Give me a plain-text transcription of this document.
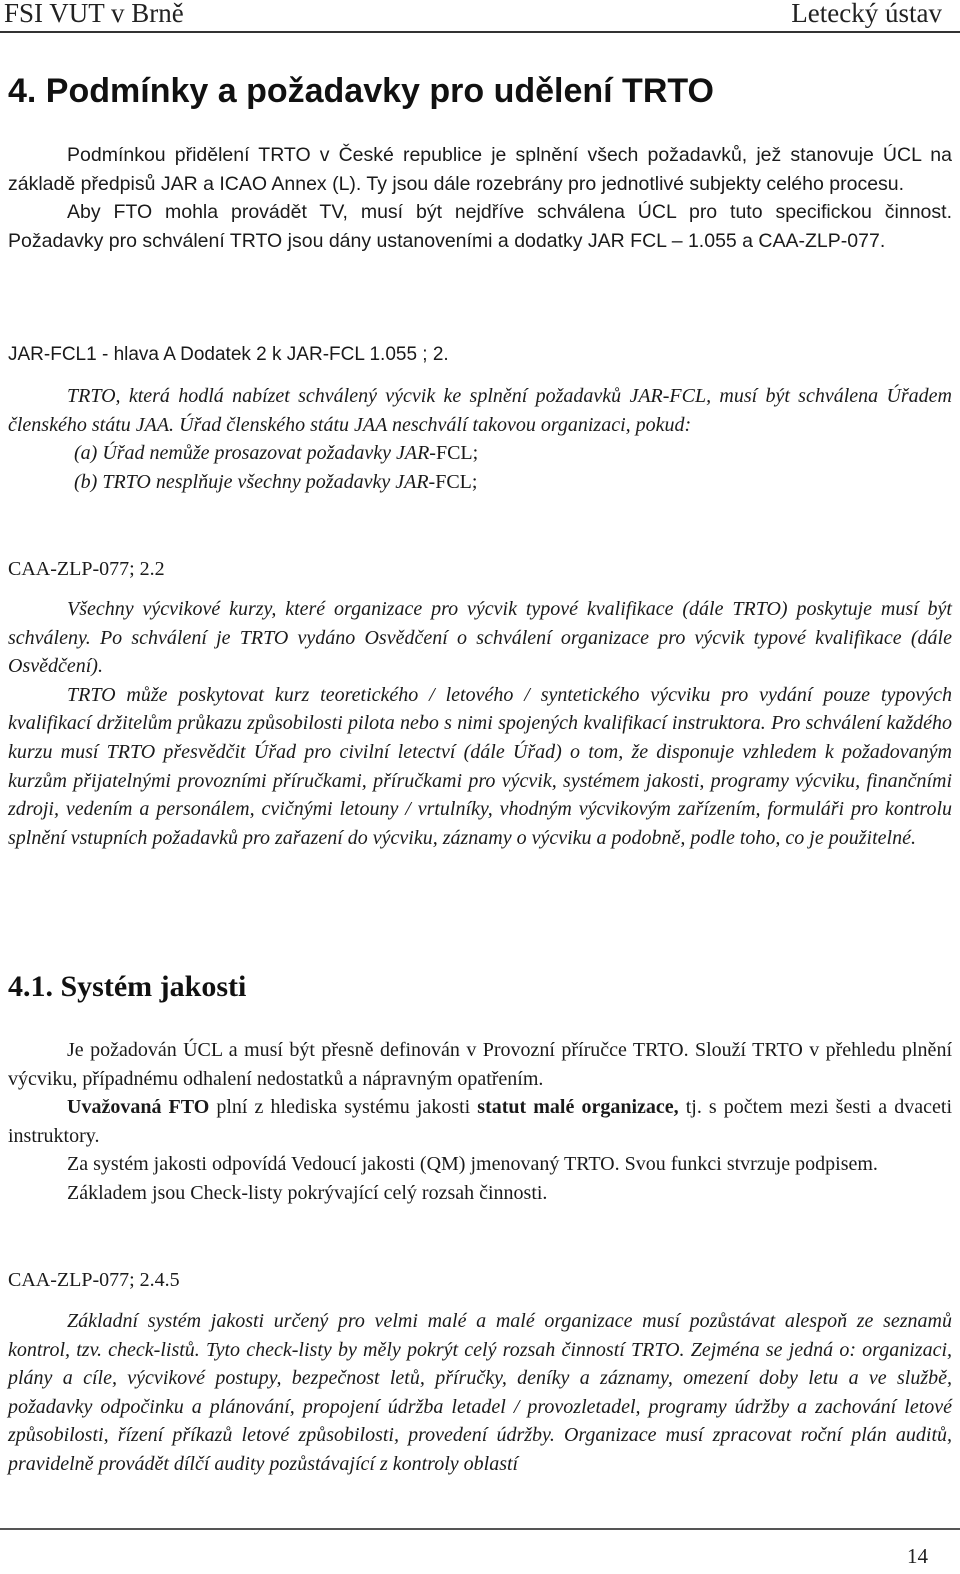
FSI VUT v Brně	Letecký ústav
4. Podmínky a požadavky pro udělení TRTO

Podmínkou přidělení TRTO v České republice je splnění všech požadavků, jež stanovuje ÚCL na základě předpisů JAR a ICAO Annex (L). Ty jsou dále rozebrány pro jednotlivé subjekty celého procesu.

Aby FTO mohla provádět TV, musí být nejdříve schválena ÚCL pro tuto specifickou činnost. Požadavky pro schválení TRTO jsou dány ustanoveními a dodatky JAR FCL – 1.055 a CAA-ZLP-077.

JAR-FCL1 - hlava A Dodatek 2 k JAR-FCL 1.055 ; 2.

TRTO, která hodlá nabízet schválený výcvik ke splnění požadavků JAR-FCL, musí být schválena Úřadem členského státu JAA. Úřad členského státu JAA neschválí takovou organizaci, pokud:

(a) Úřad nemůže prosazovat požadavky JAR-FCL;

(b) TRTO nesplňuje všechny požadavky JAR-FCL;

CAA-ZLP-077; 2.2

Všechny výcvikové kurzy, které organizace pro výcvik typové kvalifikace (dále TRTO) poskytuje musí být schváleny. Po schválení je TRTO vydáno Osvědčení o schválení organizace pro výcvik typové kvalifikace (dále Osvědčení).

TRTO může poskytovat kurz teoretického / letového / syntetického výcviku pro vydání pouze typových kvalifikací držitelům průkazu způsobilosti pilota nebo s nimi spojených kvalifikací instruktora. Pro schválení každého kurzu musí TRTO přesvědčit Úřad pro civilní letectví (dále Úřad) o tom, že disponuje vzhledem k požadovaným kurzům přijatelnými provozními příručkami, příručkami pro výcvik, systémem jakosti, programy výcviku, finančními zdroji, vedením a personálem, cvičnými letouny / vrtulníky, vhodným výcvikovým zařízením, formuláři pro kontrolu splnění vstupních požadavků pro zařazení do výcviku, záznamy o výcviku a podobně, podle toho, co je použitelné.

4.1. Systém jakosti

Je požadován ÚCL a musí být přesně definován v Provozní příručce TRTO. Slouží TRTO v přehledu plnění výcviku, případnému odhalení nedostatků a nápravným opatřením.

Uvažovaná FTO plní z hlediska systému jakosti statut malé organizace, tj. s počtem mezi šesti a dvaceti instruktory.

Za systém jakosti odpovídá Vedoucí jakosti (QM) jmenovaný TRTO. Svou funkci stvrzuje podpisem.

Základem jsou Check-listy pokrývající celý rozsah činnosti.

CAA-ZLP-077; 2.4.5

Základní systém jakosti určený pro velmi malé a malé organizace musí pozůstávat alespoň ze seznamů kontrol, tzv. check-listů. Tyto check-listy by měly pokrýt celý rozsah činností TRTO. Zejména se jedná o: organizaci, plány a cíle, výcvikové postupy, bezpečnost letů, příručky, deníky a záznamy, omezení doby letu a ve službě, požadavky odpočinku a plánování, propojení údržba letadel / provozletadel, programy údržby a zachování letové způsobilosti, řízení příkazů letové způsobilosti, provedení údržby. Organizace musí zpracovat roční plán auditů, pravidelně provádět dílčí audity pozůstávající z kontroly oblastí

14
